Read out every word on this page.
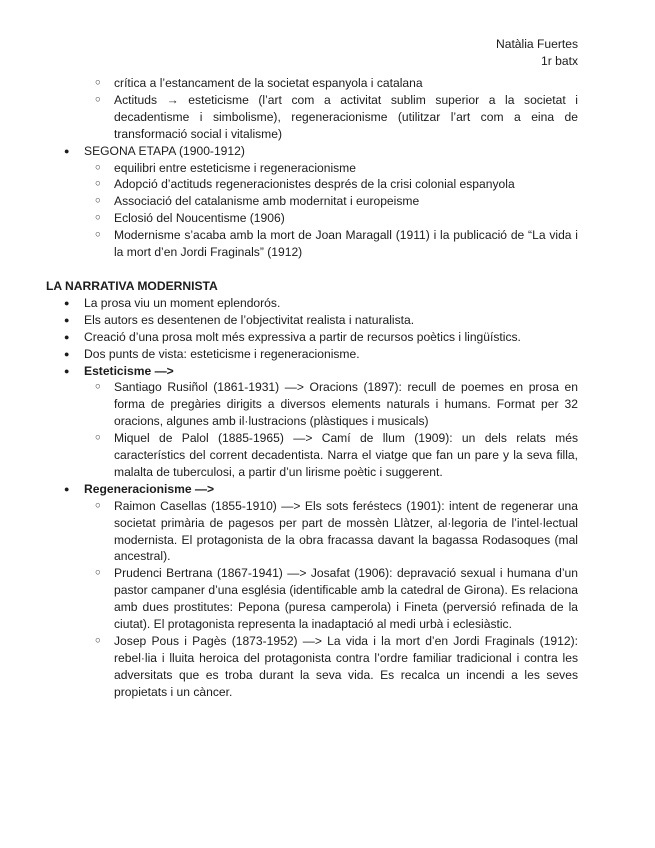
Natàlia Fuertes
1r batx
○ crítica a l’estancament de la societat espanyola i catalana
○ Actituds → esteticisme (l’art com a activitat sublim superior a la societat i decadentisme i simbolisme), regeneracionisme (utilitzar l’art com a eina de transformació social i vitalisme)
● SEGONA ETAPA (1900-1912)
○ equilibri entre esteticisme i regeneracionisme
○ Adopció d’actituds regeneracionistes després de la crisi colonial espanyola
○ Associació del catalanisme amb modernitat i europeisme
○ Eclosió del Noucentisme (1906)
○ Modernisme s’acaba amb la mort de Joan Maragall (1911) i la publicació de “La vida i la mort d’en Jordi Fraginals” (1912)
LA NARRATIVA MODERNISTA
● La prosa viu un moment eplendorós.
● Els autors es desentenen de l’objectivitat realista i naturalista.
● Creació d’una prosa molt més expressiva a partir de recursos poètics i lingüístics.
● Dos punts de vista: esteticisme i regeneracionisme.
● Esteticisme —>
○ Santiago Rusiñol (1861-1931) —> Oracions (1897): recull de poemes en prosa en forma de pregàries dirigits a diversos elements naturals i humans. Format per 32 oracions, algunes amb il·lustracions (plàstiques i musicals)
○ Miquel de Palol (1885-1965) —> Camí de llum (1909): un dels relats més característics del corrent decadentista. Narra el viatge que fan un pare y la seva filla, malalta de tuberculosi, a partir d’un lirisme poètic i suggerent.
● Regeneracionisme —>
○ Raimon Casellas (1855-1910) —> Els sots feréstecs (1901): intent de regenerar una societat primària de pagesos per part de mossèn Llàtzer, al·legoria de l’intel·lectual modernista. El protagonista de la obra fracassa davant la bagassa Rodasoques (mal ancestral).
○ Prudenci Bertrana (1867-1941) —> Josafat (1906): depravació sexual i humana d’un pastor campaner d’una església (identificable amb la catedral de Girona). Es relaciona amb dues prostitutes: Pepona (puresa camperola) i Fineta (perversió refinada de la ciutat). El protagonista representa la inadaptació al medi urbà i eclesiàstic.
○ Josep Pous i Pagès (1873-1952) —> La vida i la mort d’en Jordi Fraginals (1912): rebel·lia i lluita heroica del protagonista contra l’ordre familiar tradicional i contra les adversitats que es troba durant la seva vida. Es recalca un incendi a les seves propietats i un càncer.
